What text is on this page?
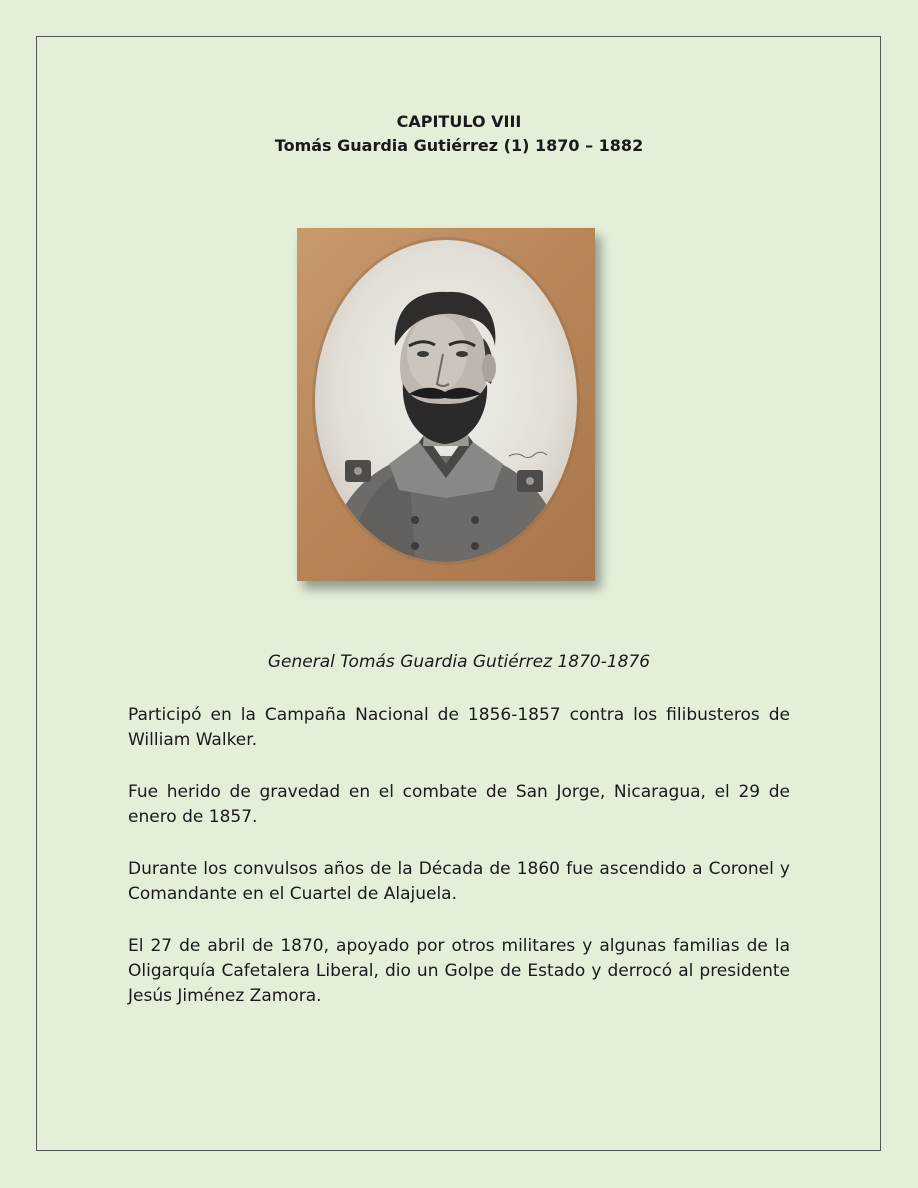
CAPITULO VIII
Tomás Guardia Gutiérrez (1) 1870 – 1882
General Tomás Guardia Gutiérrez 1870-1876

Participó en la Campaña Nacional de 1856-1857 contra los filibusteros de William Walker.

Fue herido de gravedad en el combate de San Jorge, Nicaragua, el 29 de enero de 1857.

Durante los convulsos años de la Década de 1860 fue ascendido a Coronel y Comandante en el Cuartel de Alajuela.

El 27 de abril de 1870, apoyado por otros militares y algunas familias de la Oligarquía Cafetalera Liberal, dio un Golpe de Estado y derrocó al presidente Jesús Jiménez Zamora.
